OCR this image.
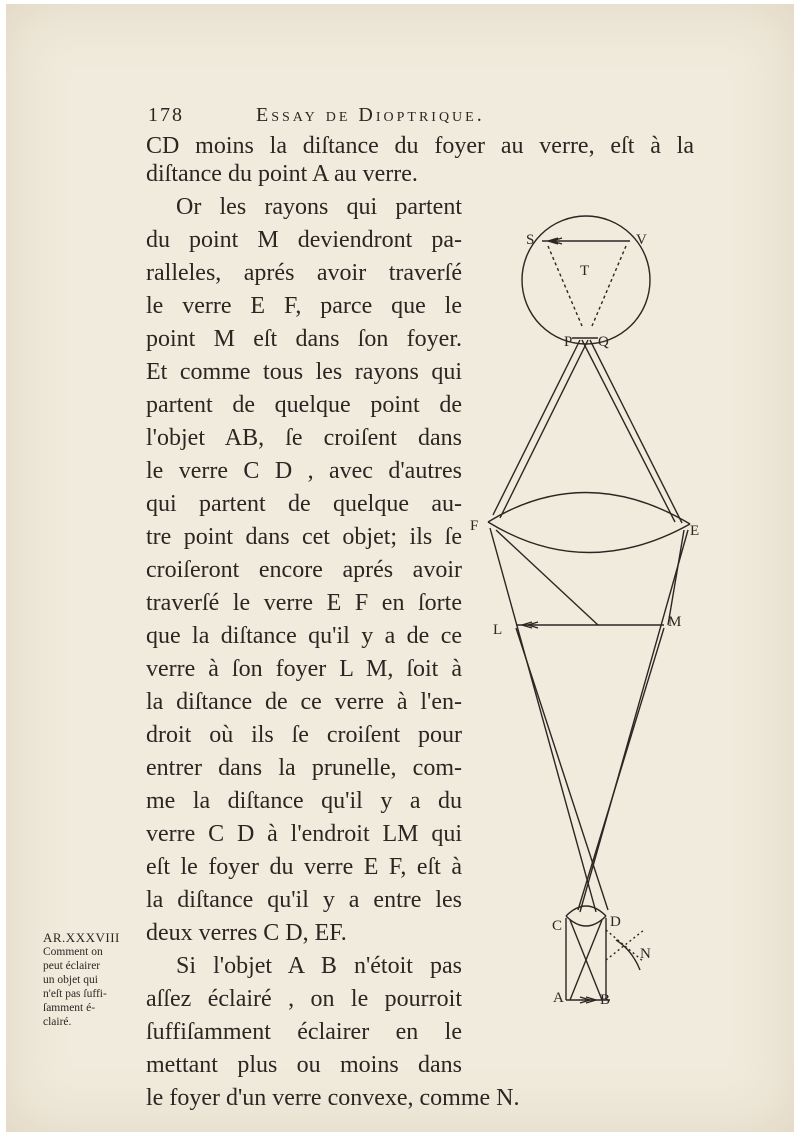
178	Essay de Dioptrique.
CD moins la diſtance du foyer au verre, eſt à la
diſtance du point A au verre.
Or les rayons qui partent
du point M deviendront pa-
ralleles, aprés avoir traverſé
le verre E F, parce que le
point M eſt dans ſon foyer.
Et comme tous les rayons qui
partent de quelque point de
l'objet AB, ſe croiſent dans
le verre C D , avec d'autres
qui partent de quelque au-
tre point dans cet objet; ils ſe
croiſeront encore aprés avoir
traverſé le verre E F en ſorte
que la diſtance qu'il y a de ce
verre à ſon foyer L M, ſoit à
la diſtance de ce verre à l'en-
droit où ils ſe croiſent pour
entrer dans la prunelle, com-
me la diſtance qu'il y a du
verre C D à l'endroit LM qui
eſt le foyer du verre E F, eſt à
la diſtance qu'il y a entre les
deux verres C D, EF.
Si l'objet A B n'étoit pas
aſſez éclairé , on le pourroit
ſuffiſamment éclairer en le
mettant plus ou moins dans
le foyer d'un verre convexe, comme N.
AR.XXXVIII
Comment on
peut éclairer
un objet qui
n'eſt pas ſuffi-
ſamment é-
clairé.
S	V
T
P Q
F	E
L	M
C	D
N
A B
